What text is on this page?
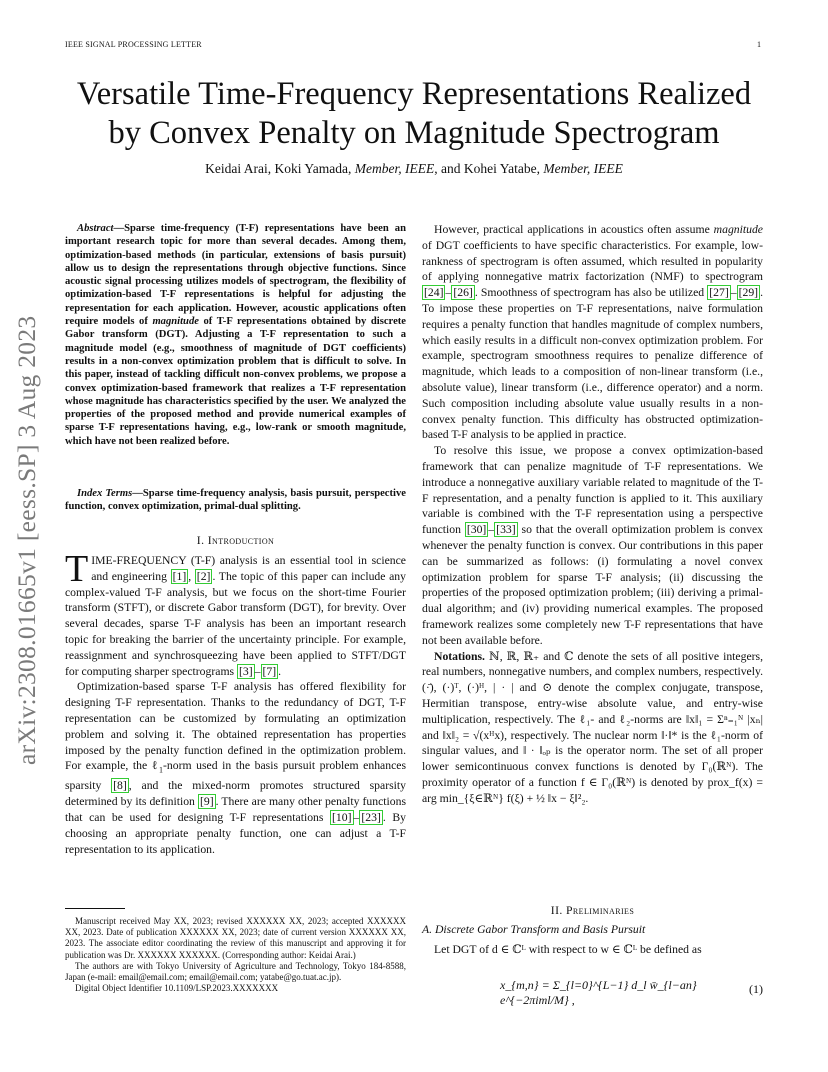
IEEE SIGNAL PROCESSING LETTER	1
Versatile Time-Frequency Representations Realized
by Convex Penalty on Magnitude Spectrogram
Keidai Arai, Koki Yamada, Member, IEEE, and Kohei Yatabe, Member, IEEE
arXiv:2308.01665v1 [eess.SP] 3 Aug 2023

Abstract—Sparse time-frequency (T-F) representations have been an important research topic for more than several decades. Among them, optimization-based methods (in particular, extensions of basis pursuit) allow us to design the representations through objective functions. Since acoustic signal processing utilizes models of spectrogram, the flexibility of optimization-based T-F representations is helpful for adjusting the representation for each application. However, acoustic applications often require models of magnitude of T-F representations obtained by discrete Gabor transform (DGT). Adjusting a T-F representation to such a magnitude model (e.g., smoothness of magnitude of DGT coefficients) results in a non-convex optimization problem that is difficult to solve. In this paper, instead of tackling difficult non-convex problems, we propose a convex optimization-based framework that realizes a T-F representation whose magnitude has characteristics specified by the user. We analyzed the properties of the proposed method and provide numerical examples of sparse T-F representations having, e.g., low-rank or smooth magnitude, which have not been realized before.

Index Terms—Sparse time-frequency analysis, basis pursuit, perspective function, convex optimization, primal-dual splitting.

I. Introduction

TIME-FREQUENCY (T-F) analysis is an essential tool in science and engineering [1] , [2] . The topic of this paper can include any complex-valued T-F analysis, but we focus on the short-time Fourier transform (STFT), or discrete Gabor transform (DGT), for brevity. Over several decades, sparse T-F analysis has been an important research topic for breaking the barrier of the uncertainty principle. For example, reassignment and synchrosqueezing have been applied to STFT/DGT for computing sharper spectrograms [3] – [7] .

Optimization-based sparse T-F analysis has offered flexibility for designing T-F representation. Thanks to the redundancy of DGT, T-F representation can be customized by formulating an optimization problem and solving it. The obtained representation has properties imposed by the penalty function defined in the optimization problem. For example, the ℓ$_1$-norm used in the basis pursuit problem enhances sparsity [8] , and the mixed-norm promotes structured sparsity determined by its definition [9] . There are many other penalty functions that can be used for designing T-F representations [10] – [23] . By choosing an appropriate penalty function, one can adjust a T-F representation to its application.

Manuscript received May XX, 2023; revised XXXXXX XX, 2023; accepted XXXXXX XX, 2023. Date of publication XXXXXX XX, 2023; date of current version XXXXXX XX, 2023. The associate editor coordinating the review of this manuscript and approving it for publication was Dr. XXXXXX XXXXXX. (Corresponding author: Keidai Arai.)

The authors are with Tokyo University of Agriculture and Technology, Tokyo 184-8588, Japan (e-mail: email@email.com; email@email.com; yatabe@go.tuat.ac.jp).

Digital Object Identifier 10.1109/LSP.2023.XXXXXXX

However, practical applications in acoustics often assume magnitude of DGT coefficients to have specific characteristics. For example, low-rankness of spectrogram is often assumed, which resulted in popularity of applying nonnegative matrix factorization (NMF) to spectrogram [24] – [26] . Smoothness of spectrogram has also be utilized [27] – [29] . To impose these properties on T-F representations, naive formulation requires a penalty function that handles magnitude of complex numbers, which easily results in a difficult non-convex optimization problem. For example, spectrogram smoothness requires to penalize difference of magnitude, which leads to a composition of non-linear transform (i.e., absolute value), linear transform (i.e., difference operator) and a norm. Such composition including absolute value usually results in a non-convex penalty function. This difficulty has obstructed optimization-based T-F analysis to be applied in practice.

To resolve this issue, we propose a convex optimization-based framework that can penalize magnitude of T-F representations. We introduce a nonnegative auxiliary variable related to magnitude of the T-F representation, and a penalty function is applied to it. This auxiliary variable is combined with the T-F representation using a perspective function [30] – [33] so that the overall optimization problem is convex whenever the penalty function is convex. Our contributions in this paper can be summarized as follows: (i) formulating a novel convex optimization problem for sparse T-F analysis; (ii) discussing the properties of the proposed optimization problem; (iii) deriving a primal-dual algorithm; and (iv) providing numerical examples. The proposed framework realizes some completely new T-F representations that have not been available before.

Notations. ℕ, ℝ, ℝ₊ and ℂ denote the sets of all positive integers, real numbers, nonnegative numbers, and complex numbers, respectively. (·̄), (·)ᵀ, (·)ᴴ, | · | and ⊙ denote the complex conjugate, transpose, Hermitian transpose, entry-wise absolute value, and entry-wise multiplication, respectively. The ℓ₁- and ℓ₂-norms are ‖x‖₁ = Σⁿ₌₁ᴺ |xₙ| and ‖x‖₂ = √(xᴴx), respectively. The nuclear norm ‖·‖* is the ℓ₁-norm of singular values, and ‖ · ‖ₒₚ is the operator norm. The set of all proper lower semicontinuous convex functions is denoted by Γ₀(ℝᴺ). The proximity operator of a function f ∈ Γ₀(ℝᴺ) is denoted by prox_f(x) = arg min_{ξ∈ℝᴺ} f(ξ) + ½ ‖x − ξ‖²₂.

II. Preliminaries
A. Discrete Gabor Transform and Basis Pursuit
Let DGT of d ∈ ℂᴸ with respect to w ∈ ℂᴸ be defined as
x_{m,n} = Σ_{l=0}^{L−1} d_l w̄_{l−an} e^{−2πiml/M} ,
(1)
